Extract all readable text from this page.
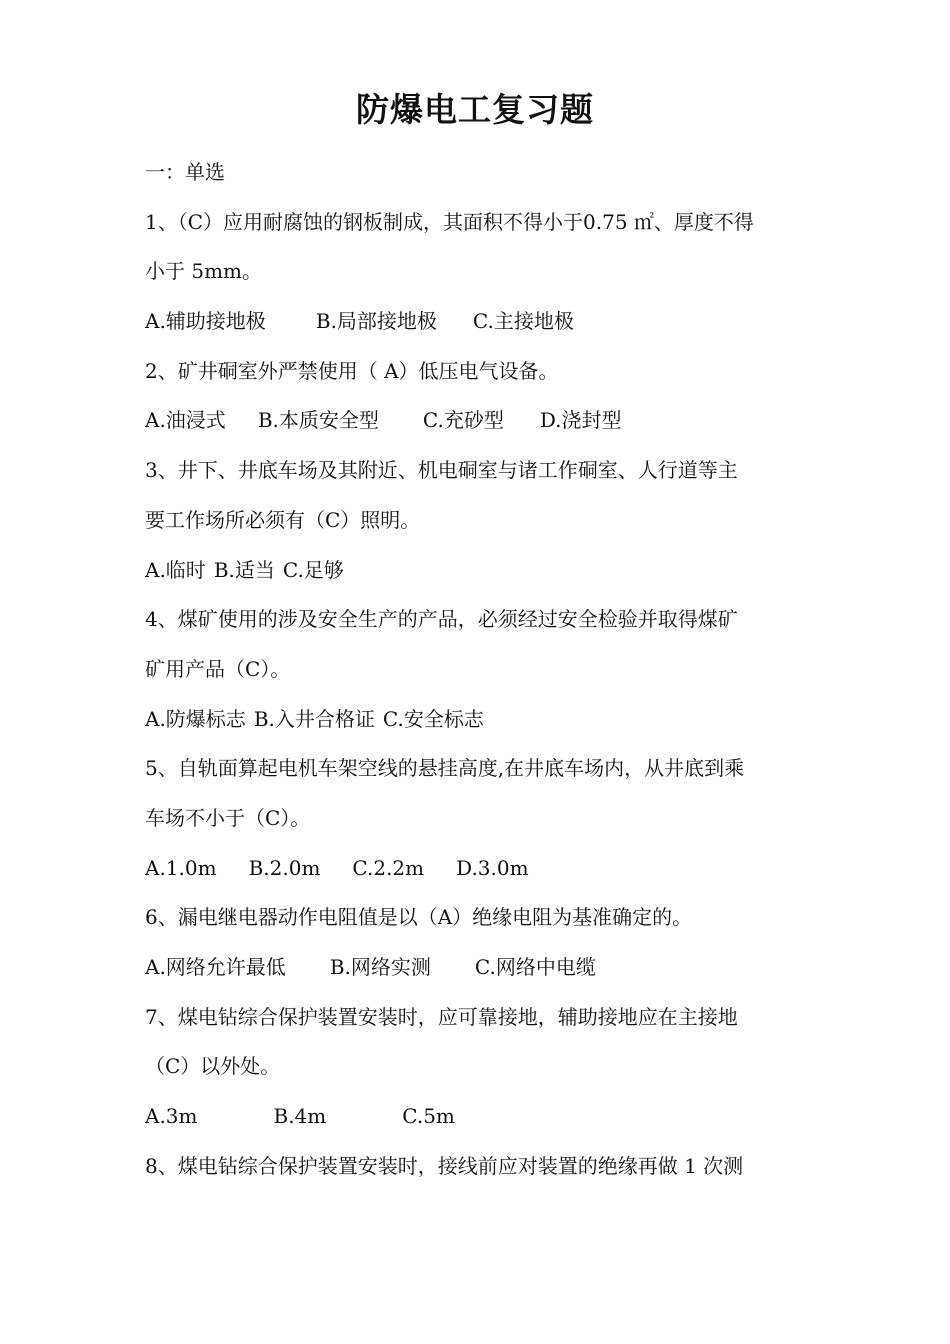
防爆电工复习题
一：单选
1、（C）应用耐腐蚀的钢板制成，其面积不得小于0.75 ㎡、厚度不得
小于 5mm。
A.辅助接地极	B.局部接地极 C.主接地极
2、矿井硐室外严禁使用（ A）低压电气设备。
A.油浸式 B.本质安全型 C.充砂型 D.浇封型
3、井下、井底车场及其附近、机电硐室与诸工作硐室、人行道等主
要工作场所必须有（C）照明。
A.临时 B.适当 C.足够
4、煤矿使用的涉及安全生产的产品，必须经过安全检验并取得煤矿
矿用产品（C）。
A.防爆标志 B.入井合格证 C.安全标志
5、自轨面算起电机车架空线的悬挂高度,在井底车场内，从井底到乘
车场不小于（C）。
A.1.0m B.2.0m C.2.2m D.3.0m
6、漏电继电器动作电阻值是以（A）绝缘电阻为基准确定的。
A.网络允许最低 B.网络实测 C.网络中电缆
7、煤电钻综合保护装置安装时，应可靠接地，辅助接地应在主接地
（C）以外处。
A.3m	B.4m	C.5m
8、煤电钻综合保护装置安装时，接线前应对装置的绝缘再做 1 次测
